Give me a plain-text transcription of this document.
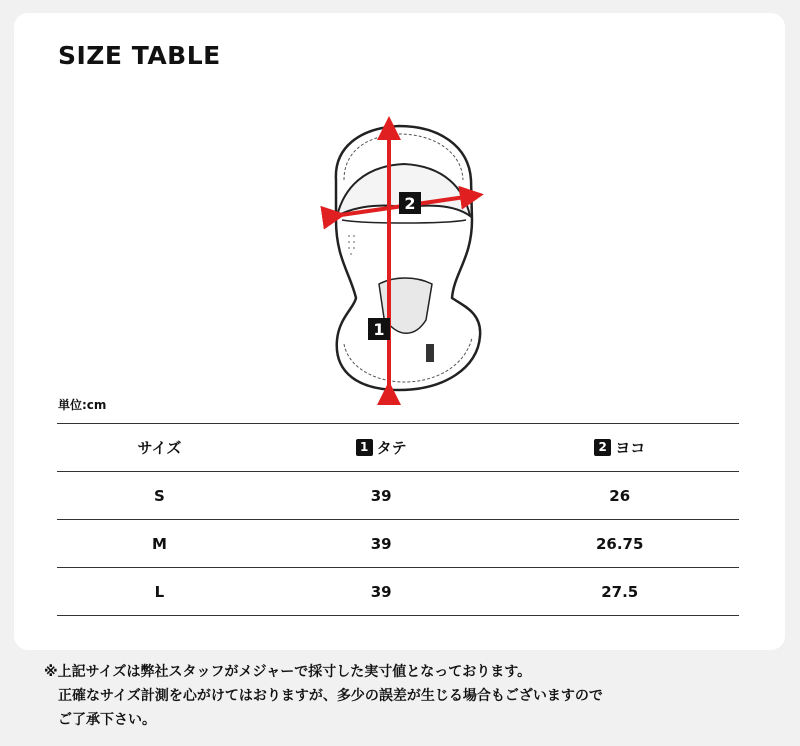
SIZE TABLE
2
1
単位:cm
サイズ	1 タテ	2 ヨコ
S	39	26
M	39	26.75
L	39	27.5
※上記サイズは弊社スタッフがメジャーで採寸した実寸値となっております。
正確なサイズ計測を心がけてはおりますが、多少の誤差が生じる場合もございますので
ご了承下さい。
